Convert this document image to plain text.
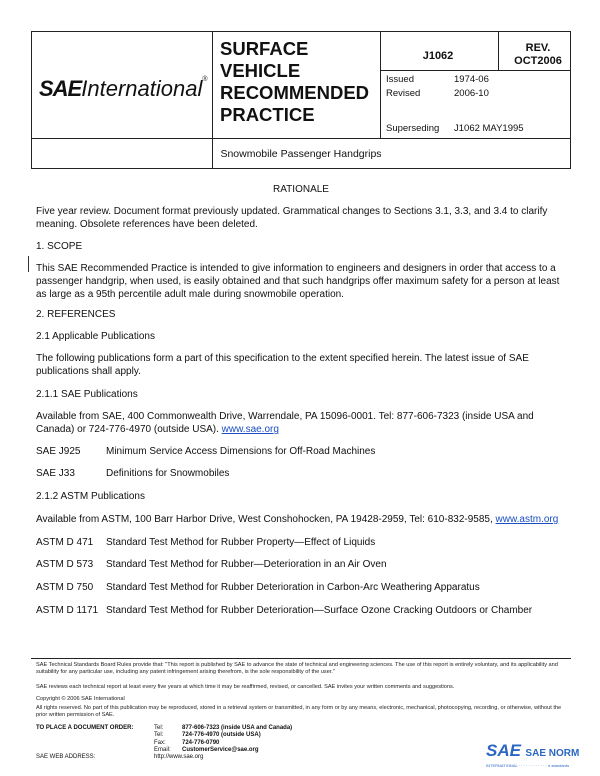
SAEInternational®
SURFACE
VEHICLE
RECOMMENDED
PRACTICE
J1062
REV.
OCT2006
Issued	1974-06
Revised	2006-10
Superseding J1062 MAY1995
Snowmobile Passenger Handgrips
RATIONALE
Five year review. Document format previously updated. Grammatical changes to Sections 3.1, 3.3, and 3.4 to clarify meaning. Obsolete references have been deleted.
1. SCOPE
This SAE Recommended Practice is intended to give information to engineers and designers in order that access to a passenger handgrip, when used, is easily obtained and that such handgrips offer maximum safety for a person at least as large as a 95th percentile adult male during snowmobile operation.
2. REFERENCES
2.1 Applicable Publications
The following publications form a part of this specification to the extent specified herein. The latest issue of SAE publications shall apply.
2.1.1 SAE Publications
Available from SAE, 400 Commonwealth Drive, Warrendale, PA 15096-0001. Tel: 877-606-7323 (inside USA and Canada) or 724-776-4970 (outside USA). www.sae.org
SAE J925	Minimum Service Access Dimensions for Off-Road Machines
SAE J33	Definitions for Snowmobiles
2.1.2 ASTM Publications
Available from ASTM, 100 Barr Harbor Drive, West Conshohocken, PA 19428-2959, Tel: 610-832-9585, www.astm.org
ASTM D 471 Standard Test Method for Rubber Property—Effect of Liquids
ASTM D 573 Standard Test Method for Rubber—Deterioration in an Air Oven
ASTM D 750 Standard Test Method for Rubber Deterioration in Carbon-Arc Weathering Apparatus
ASTM D 1171 Standard Test Method for Rubber Deterioration—Surface Ozone Cracking Outdoors or Chamber
SAE Technical Standards Board Rules provide that: "This report is published by SAE to advance the state of technical and engineering sciences. The use of this report is entirely voluntary, and its applicability and suitability for any particular use, including any patent infringement arising therefrom, is the sole responsibility of the user."
SAE reviews each technical report at least every five years at which time it may be reaffirmed, revised, or cancelled. SAE invites your written comments and suggestions.
Copyright © 2006 SAE International
All rights reserved. No part of this publication may be reproduced, stored in a retrieval system or transmitted, in any form or by any means, electronic, mechanical, photocopying, recording, or otherwise, without the prior written permission of SAE.
TO PLACE A DOCUMENT ORDER:	Tel:	877-606-7323 (inside USA and Canada)
	Tel:	724-776-4970 (outside USA)
	Fax:	724-776-0790
	Email:	CustomerService@sae.org
SAE WEB ADDRESS:	http://www.sae.org		SAE SAE NORM
INTERNATIONAL · · · · · · · · · · · · e-standards
